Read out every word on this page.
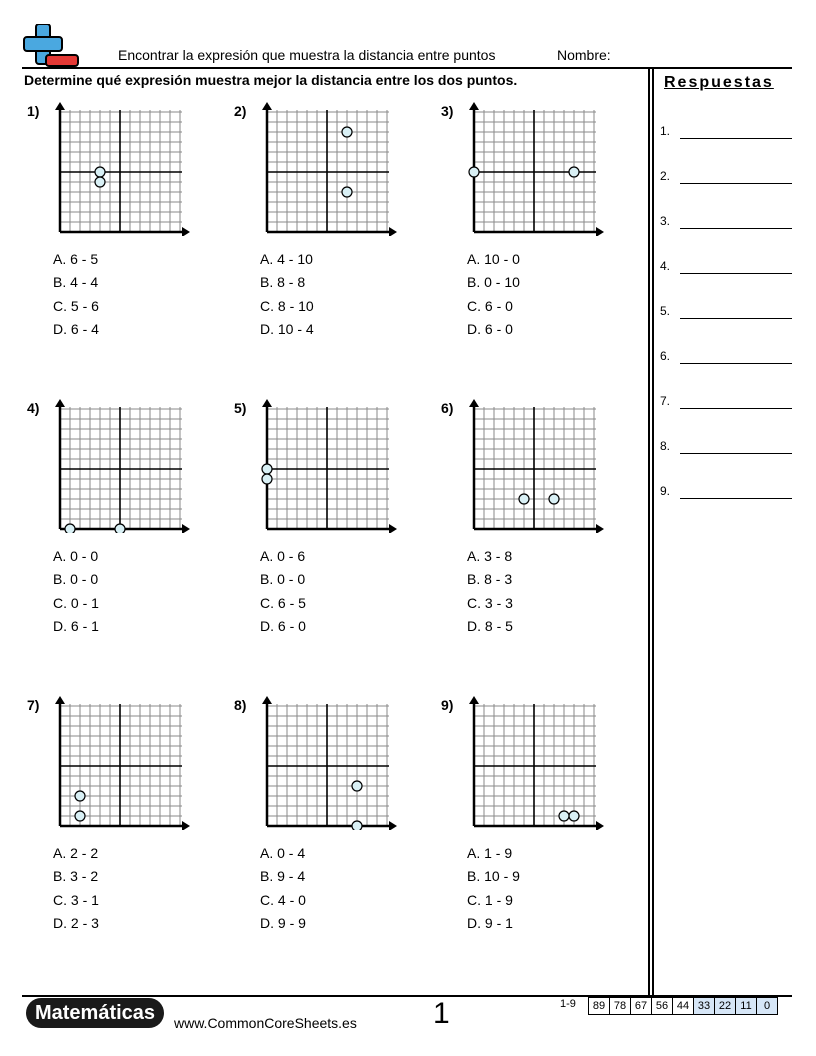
Encontrar la expresión que muestra la distancia entre puntos	Nombre:
Determine qué expresión muestra mejor la distancia entre los dos puntos.	Respuestas
1.
2.
3.
4.
5.
6.
7.
8.
9.
1)
A. 6 - 5
B. 4 - 4
C. 5 - 6
D. 6 - 4
2)
A. 4 - 10
B. 8 - 8
C. 8 - 10
D. 10 - 4
3)
A. 10 - 0
B. 0 - 10
C. 6 - 0
D. 6 - 0
4)
A. 0 - 0
B. 0 - 0
C. 0 - 1
D. 6 - 1
5)
A. 0 - 6
B. 0 - 0
C. 6 - 5
D. 6 - 0
6)
A. 3 - 8
B. 8 - 3
C. 3 - 3
D. 8 - 5
7)
A. 2 - 2
B. 3 - 2
C. 3 - 1
D. 2 - 3
8)
A. 0 - 4
B. 9 - 4
C. 4 - 0
D. 9 - 9
9)
A. 1 - 9
B. 10 - 9
C. 1 - 9
D. 9 - 1
Matemáticas	www.CommonCoreSheets.es	1	1-9 89	78	67	56	44	33	22	11	0
